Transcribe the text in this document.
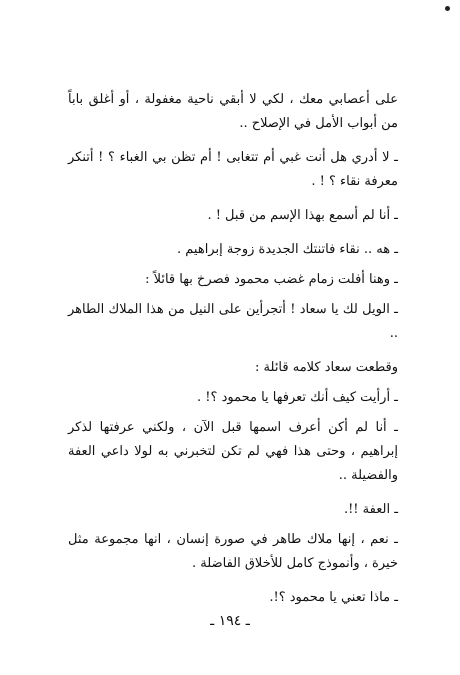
على أعصابي معك ، لكي لا أبقي ناحية مغفولة ، أو أغلق باباً من أبواب الأمل في الإصلاح ..

ـ لا أدري هل أنت غبي أم تتغابى ! أم تظن بي الغباء ؟ ! أتنكر معرفة نقاء ؟ ! .

ـ أنا لم أسمع بهذا الإسم من قبل ! .

ـ هه .. نقاء فاتنتك الجديدة زوجة إبراهيم .

ـ وهنا أفلت زمام غضب محمود فصرخ بها قائلاً :

ـ الويل لك يا سعاد ! أتجرأين على النيل من هذا الملاك الطاهر ..

وقطعت سعاد كلامه قائلة :

ـ أرأيت كيف أنك تعرفها يا محمود ؟! .

ـ أنا لم أكن أعرف اسمها قبل الآن ، ولكني عرفتها لذكر إبراهيم ، وحتى هذا فهي لم تكن لتخبرني به لولا داعي العفة والفضيلة ..

ـ العفة !!.

ـ نعم ، إنها ملاك طاهر في صورة إنسان ، انها مجموعة مثل خيرة ، وأنموذج كامل للأخلاق الفاضلة .

ـ ماذا تعني يا محمود ؟!.

ـ ١٩٤ ـ
